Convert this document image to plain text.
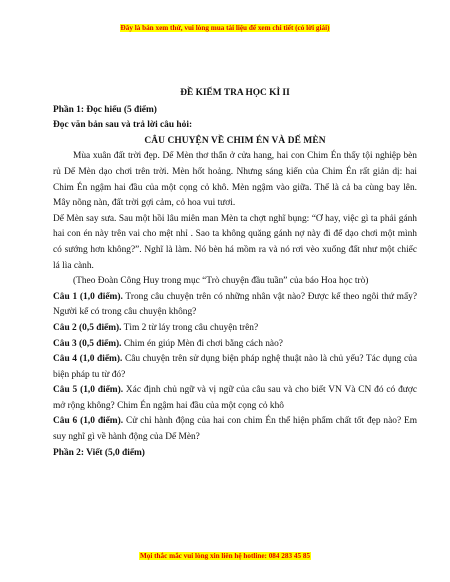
Đây là bản xem thử, vui lòng mua tài liệu để xem chi tiết (có lời giải)

ĐỀ KIỂM TRA HỌC KÌ II

Phần 1: Đọc hiểu (5 điểm)

Đọc văn bản sau và trả lời câu hỏi:

CÂU CHUYỆN VỀ CHIM ÉN VÀ DẾ MÈN

Mùa xuân đất trời đẹp. Dế Mèn thơ thẩn ở cửa hang, hai con Chim Én thấy tội nghiệp bèn rủ Dế Mèn dạo chơi trên trời. Mèn hốt hoảng. Nhưng sáng kiến của Chim Én rất giản dị: hai Chim Én ngậm hai đầu của một cọng cỏ khô. Mèn ngậm vào giữa. Thế là cả ba cùng bay lên. Mây nõng nàn, đất trời gợi cảm, cỏ hoa vui tươi.

Dế Mèn say sưa. Sau một hồi lâu miên man Mèn ta chợt nghĩ bụng: “Ơ hay, việc gì ta phải gánh hai con én này trên vai cho mệt nhỉ . Sao ta không quăng gánh nợ này đi để dạo chơi một mình có sướng hơn không?”. Nghĩ là làm. Nó bèn há mồm ra và nó rơi vèo xuống đất như một chiếc lá lìa cành.

(Theo Đoàn Công Huy trong mục “Trò chuyện đầu tuần” của báo Hoa học trò)

Câu 1 (1,0 điểm). Trong câu chuyện trên có những nhân vật nào? Được kể theo ngôi thứ mấy? Người kể có trong câu chuyện không?

Câu 2 (0,5 điểm). Tìm 2 từ láy trong câu chuyện trên?

Câu 3 (0,5 điểm). Chim én giúp Mèn đi chơi bằng cách nào?

Câu 4 (1,0 điểm). Câu chuyện trên sử dụng biện pháp nghệ thuật nào là chủ yếu? Tác dụng của biện pháp tu từ đó?

Câu 5 (1,0 điểm). Xác định chủ ngữ và vị ngữ của câu sau và cho biết VN Và CN đó có được mở rộng không? Chim Én ngậm hai đầu của một cọng cỏ khô

Câu 6 (1,0 điểm). Cử chỉ hành động của hai con chim Én thể hiện phẩm chất tốt đẹp nào? Em suy nghĩ gì về hành động của Dế Mèn?

Phần 2: Viết (5,0 điểm)

Mọi thắc mắc vui lòng xin liên hệ hotline: 084 283 45 85
